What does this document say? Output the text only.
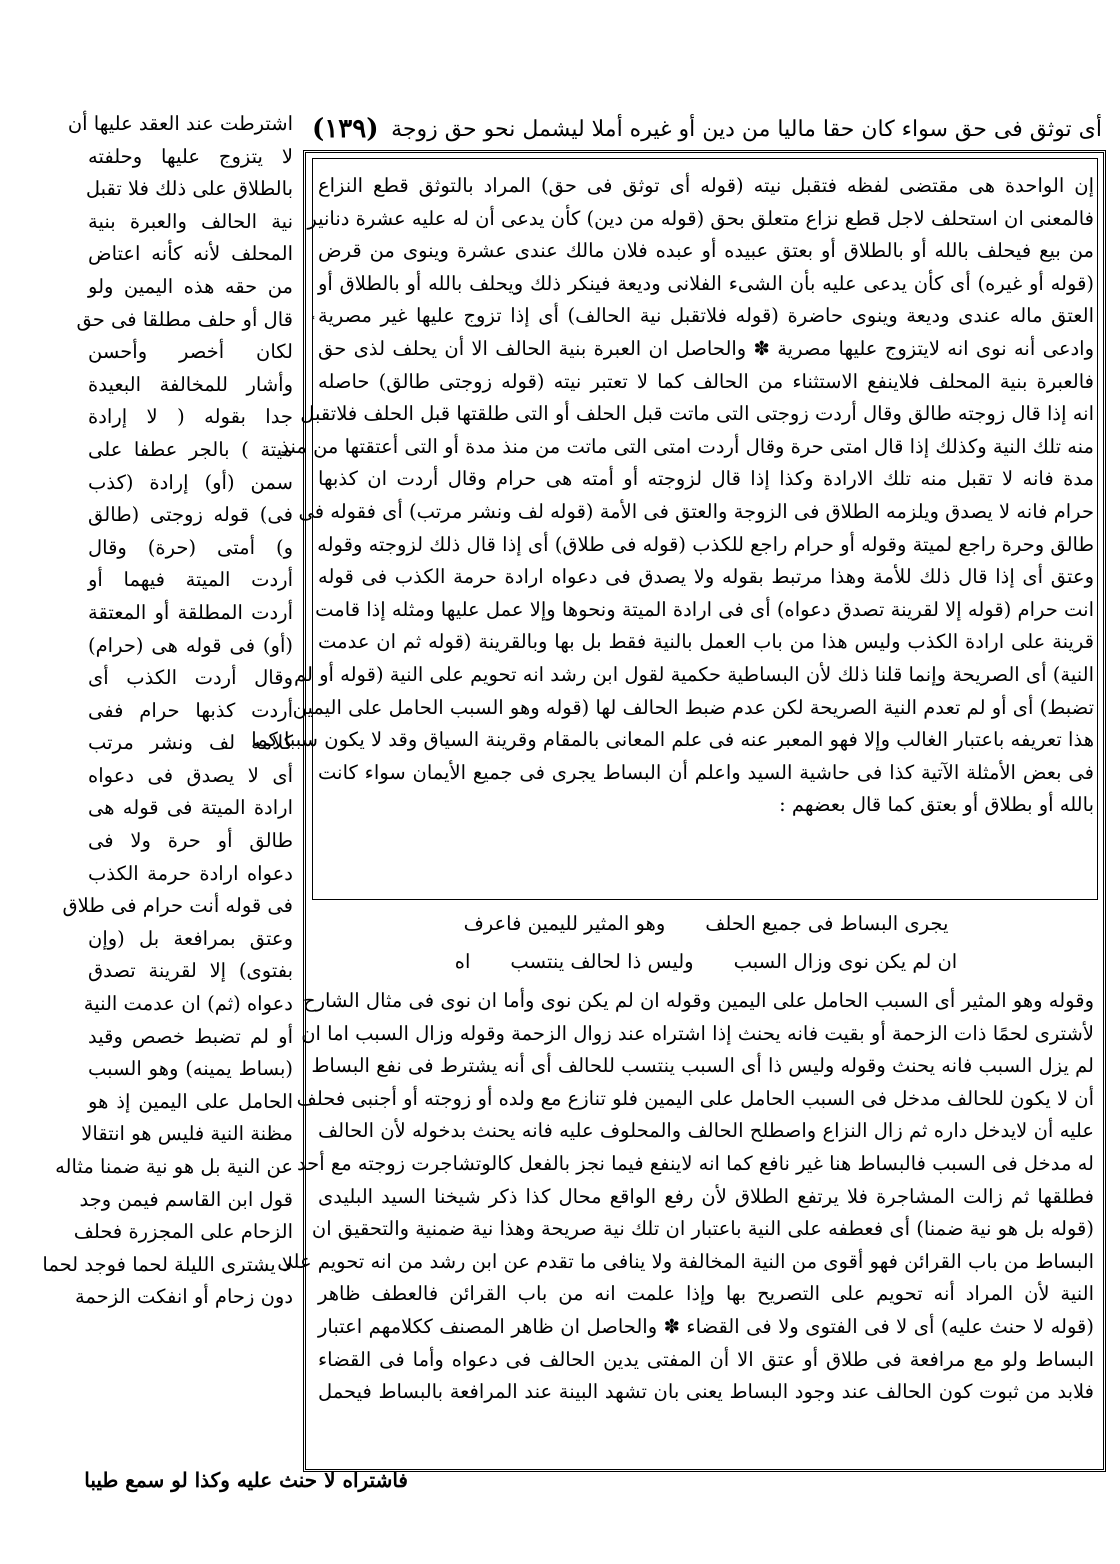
أى توثق فى حق سواء كان حقا ماليا من دين أو غيره أملا ليشمل نحو حق زوجة
(١٣٩)
ʿ

إن الواحدة هى مقتضى لفظه فتقبل نيته (قوله أى توثق فى حق) المراد بالتوثق قطع النزاع

فالمعنى ان استحلف لاجل قطع نزاع متعلق بحق (قوله من دين) كأن يدعى أن له عليه عشرة دنانير

من بيع فيحلف بالله أو بالطلاق أو بعتق عبيده أو عبده فلان مالك عندى عشرة وينوى من قرض

(قوله أو غيره) أى كأن يدعى عليه بأن الشىء الفلانى وديعة فينكر ذلك ويحلف بالله أو بالطلاق أو

العتق ماله عندى وديعة وينوى حاضرة (قوله فلاتقبل نية الحالف) أى إذا تزوج عليها غير مصرية

وادعى أنه نوى انه لايتزوج عليها مصرية ✽ والحاصل ان العبرة بنية الحالف الا أن يحلف لذى حق

فالعبرة بنية المحلف فلاينفع الاستثناء من الحالف كما لا تعتبر نيته (قوله زوجتى طالق) حاصله

انه إذا قال زوجته طالق وقال أردت زوجتى التى ماتت قبل الحلف أو التى طلقتها قبل الحلف فلاتقبل

منه تلك النية وكذلك إذا قال امتى حرة وقال أردت امتى التى ماتت من منذ مدة أو التى أعتقتها من منذ

مدة فانه لا تقبل منه تلك الارادة وكذا إذا قال لزوجته أو أمته هى حرام وقال أردت ان كذبها

حرام فانه لا يصدق ويلزمه الطلاق فى الزوجة والعتق فى الأمة (قوله لف ونشر مرتب) أى فقوله فى

طالق وحرة راجع لميتة وقوله أو حرام راجع للكذب (قوله فى طلاق) أى إذا قال ذلك لزوجته وقوله

وعتق أى إذا قال ذلك للأمة وهذا مرتبط بقوله ولا يصدق فى دعواه ارادة حرمة الكذب فى قوله

انت حرام (قوله إلا لقرينة تصدق دعواه) أى فى ارادة الميتة ونحوها وإلا عمل عليها ومثله إذا قامت

قرينة على ارادة الكذب وليس هذا من باب العمل بالنية فقط بل بها وبالقرينة (قوله ثم ان عدمت

النية) أى الصريحة وإنما قلنا ذلك لأن البساطية حكمية لقول ابن رشد انه تحويم على النية (قوله أو لم

تضبط) أى أو لم تعدم النية الصريحة لكن عدم ضبط الحالف لها (قوله وهو السبب الحامل على اليمين

هذا تعريفه باعتبار الغالب وإلا فهو المعبر عنه فى علم المعانى بالمقام وقرينة السياق وقد لا يكون سببا كما

فى بعض الأمثلة الآتية كذا فى حاشية السيد واعلم أن البساط يجرى فى جميع الأيمان سواء كانت

بالله أو بطلاق أو بعتق كما قال بعضهم :

يجرى البساط فى جميع الحلف
وهو المثير لليمين فاعرف
ان لم يكن نوى وزال السبب
وليس ذا لحالف ينتسب
اه

وقوله وهو المثير أى السبب الحامل على اليمين وقوله ان لم يكن نوى وأما ان نوى فى مثال الشارح

لأشترى لحمًا ذات الزحمة أو بقيت فانه يحنث إذا اشتراه عند زوال الزحمة وقوله وزال السبب اما ان

لم يزل السبب فانه يحنث وقوله وليس ذا أى السبب ينتسب للحالف أى أنه يشترط فى نفع البساط

أن لا يكون للحالف مدخل فى السبب الحامل على اليمين فلو تنازع مع ولده أو زوجته أو أجنبى فحلف

عليه أن لايدخل داره ثم زال النزاع واصطلح الحالف والمحلوف عليه فانه يحنث بدخوله لأن الحالف

له مدخل فى السبب فالبساط هنا غير نافع كما انه لاينفع فيما نجز بالفعل كالوتشاجرت زوجته مع أحد

فطلقها ثم زالت المشاجرة فلا يرتفع الطلاق لأن رفع الواقع محال كذا ذكر شيخنا السيد البليدى

(قوله بل هو نية ضمنا) أى فعطفه على النية باعتبار ان تلك نية صريحة وهذا نية ضمنية والتحقيق ان

البساط من باب القرائن فهو أقوى من النية المخالفة ولا ينافى ما تقدم عن ابن رشد من انه تحويم على

النية لأن المراد أنه تحويم على التصريح بها وإذا علمت انه من باب القرائن فالعطف ظاهر

(قوله لا حنث عليه) أى لا فى الفتوى ولا فى القضاء ✽ والحاصل ان ظاهر المصنف ككلامهم اعتبار

البساط ولو مع مرافعة فى طلاق أو عتق الا أن المفتى يدين الحالف فى دعواه وأما فى القضاء

فلابد من ثبوت كون الحالف عند وجود البساط يعنى بان تشهد البينة عند المرافعة بالبساط فيحمل

اشترطت عند العقد عليها أن

لا يتزوج عليها وحلفته

بالطلاق على ذلك فلا تقبل

نية الحالف والعبرة بنية

المحلف لأنه كأنه اعتاض

من حقه هذه اليمين ولو

قال أو حلف مطلقا فى حق

لكان أخصر وأحسن

وأشار للمخالفة البعيدة

جدا بقوله ( لا إرادة

ميتة ) بالجر عطفا على

سمن (أو) إرادة (كذب

فى) قوله زوجتى (طالق

و) أمتى (حرة) وقال

أردت الميتة فيهما أو

أردت المطلقة أو المعتقة

(أو) فى قوله هى (حرام)

وقال أردت الكذب أى

أردت كذبها حرام ففى

كلامه لف ونشر مرتب

أى لا يصدق فى دعواه

ارادة الميتة فى قوله هى

طالق أو حرة ولا فى

دعواه ارادة حرمة الكذب

فى قوله أنت حرام فى طلاق

وعتق بمرافعة بل (وإن

بفتوى) إلا لقرينة تصدق

دعواه (ثم) ان عدمت النية

أو لم تضبط خصص وقيد

(بساط يمينه) وهو السبب

الحامل على اليمين إذ هو

مظنة النية فليس هو انتقالا

عن النية بل هو نية ضمنا مثاله

قول ابن القاسم فيمن وجد

الزحام على المجزرة فحلف

لا يشترى الليلة لحما فوجد لحما

دون زحام أو انفكت الزحمة

فاشتراه لا حنث عليه وكذا لو سمع طيبا
